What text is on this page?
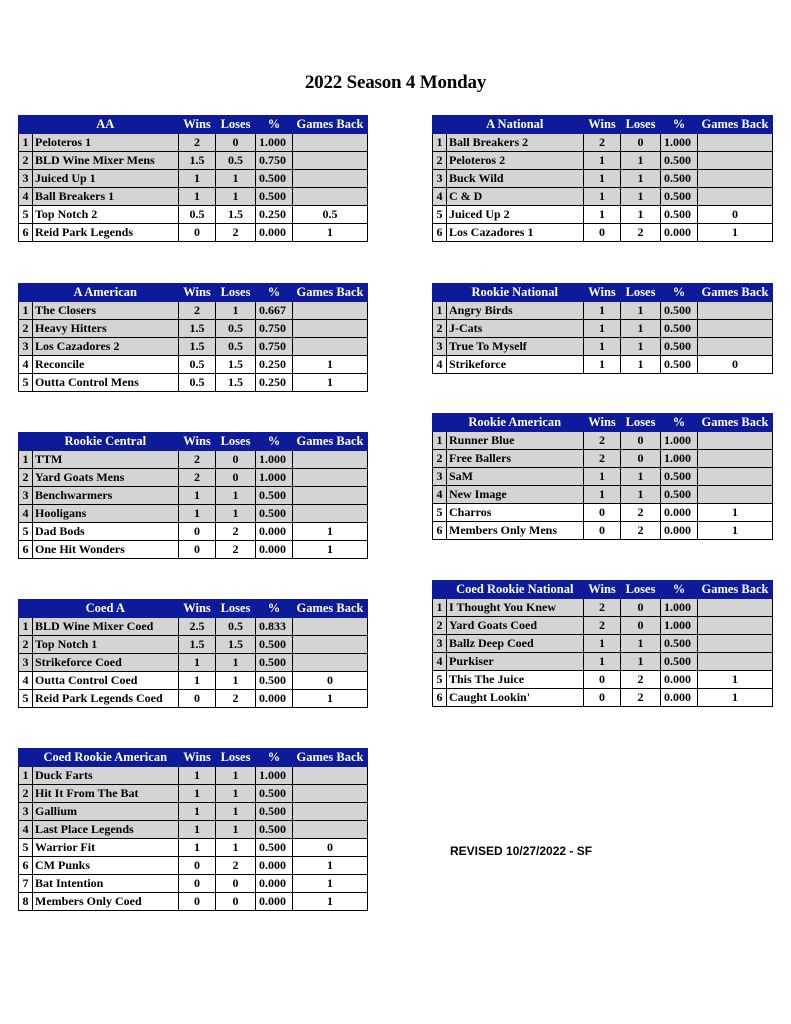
2022 Season 4 Monday
	AA	Wins	Loses	%	Games Back
1	Peloteros 1	2	0	1.000	
2	BLD Wine Mixer Mens	1.5	0.5	0.750	
3	Juiced Up 1	1	1	0.500	
4	Ball Breakers 1	1	1	0.500	
5	Top Notch 2	0.5	1.5	0.250	0.5
6	Reid Park Legends	0	2	0.000	1
	A National	Wins	Loses	%	Games Back
1	Ball Breakers 2	2	0	1.000	
2	Peloteros 2	1	1	0.500	
3	Buck Wild	1	1	0.500	
4	C & D	1	1	0.500	
5	Juiced Up 2	1	1	0.500	0
6	Los Cazadores 1	0	2	0.000	1
	A American	Wins	Loses	%	Games Back
1	The Closers	2	1	0.667	
2	Heavy Hitters	1.5	0.5	0.750	
3	Los Cazadores 2	1.5	0.5	0.750	
4	Reconcile	0.5	1.5	0.250	1
5	Outta Control Mens	0.5	1.5	0.250	1
	Rookie National	Wins	Loses	%	Games Back
1	Angry Birds	1	1	0.500	
2	J-Cats	1	1	0.500	
3	True To Myself	1	1	0.500	
4	Strikeforce	1	1	0.500	0
	Rookie American	Wins	Loses	%	Games Back
1	Runner Blue	2	0	1.000	
2	Free Ballers	2	0	1.000	
3	SaM	1	1	0.500	
4	New Image	1	1	0.500	
5	Charros	0	2	0.000	1
6	Members Only Mens	0	2	0.000	1
	Rookie Central	Wins	Loses	%	Games Back
1	TTM	2	0	1.000	
2	Yard Goats Mens	2	0	1.000	
3	Benchwarmers	1	1	0.500	
4	Hooligans	1	1	0.500	
5	Dad Bods	0	2	0.000	1
6	One Hit Wonders	0	2	0.000	1
	Coed Rookie National	Wins	Loses	%	Games Back
1	I Thought You Knew	2	0	1.000	
2	Yard Goats Coed	2	0	1.000	
3	Ballz Deep Coed	1	1	0.500	
4	Purkiser	1	1	0.500	
5	This The Juice	0	2	0.000	1
6	Caught Lookin'	0	2	0.000	1
	Coed A	Wins	Loses	%	Games Back
1	BLD Wine Mixer Coed	2.5	0.5	0.833	
2	Top Notch 1	1.5	1.5	0.500	
3	Strikeforce Coed	1	1	0.500	
4	Outta Control Coed	1	1	0.500	0
5	Reid Park Legends Coed	0	2	0.000	1
	Coed Rookie American	Wins	Loses	%	Games Back
1	Duck Farts	1	1	1.000	
2	Hit It From The Bat	1	1	0.500	
3	Gallium	1	1	0.500	
4	Last Place Legends	1	1	0.500	
5	Warrior Fit	1	1	0.500	0
6	CM Punks	0	2	0.000	1
7	Bat Intention	0	0	0.000	1
8	Members Only Coed	0	0	0.000	1
REVISED 10/27/2022 - SF
